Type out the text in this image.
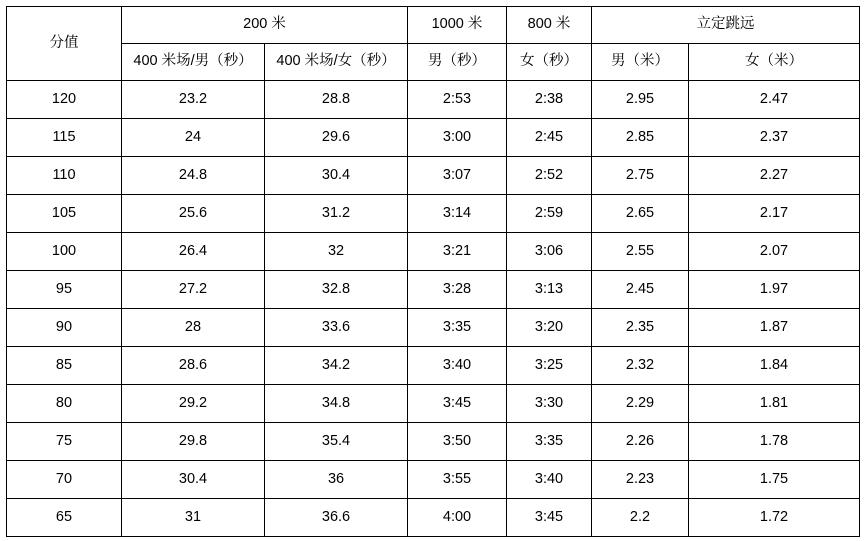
分值	200 米		1000 米	800 米	立定跳远	
	400 米场/男（秒）	400 米场/女（秒）	男（秒）	女（秒）	男（米）	女（米）
120	23.2	28.8	2:53	2:38	2.95	2.47
115	24	29.6	3:00	2:45	2.85	2.37
110	24.8	30.4	3:07	2:52	2.75	2.27
105	25.6	31.2	3:14	2:59	2.65	2.17
100	26.4	32	3:21	3:06	2.55	2.07
95	27.2	32.8	3:28	3:13	2.45	1.97
90	28	33.6	3:35	3:20	2.35	1.87
85	28.6	34.2	3:40	3:25	2.32	1.84
80	29.2	34.8	3:45	3:30	2.29	1.81
75	29.8	35.4	3:50	3:35	2.26	1.78
70	30.4	36	3:55	3:40	2.23	1.75
65	31	36.6	4:00	3:45	2.2	1.72
